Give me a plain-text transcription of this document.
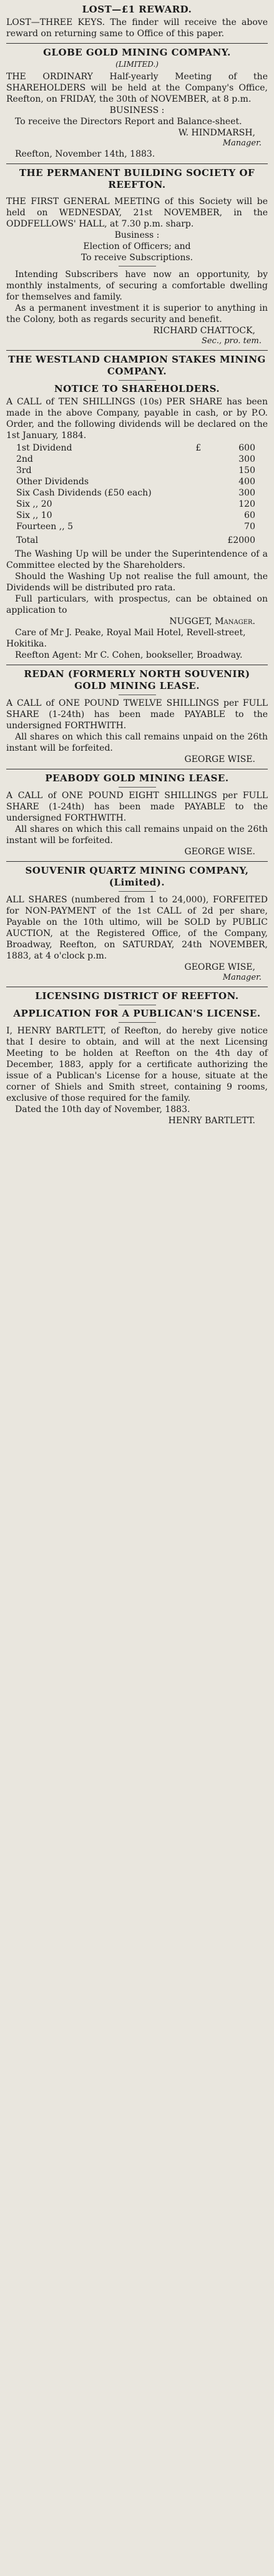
LOST—£1 REWARD.

LOST—THREE KEYS. The finder will receive the above reward on returning same to Office of this paper.

GLOBE GOLD MINING COMPANY.
(LIMITED.)

THE ORDINARY Half-yearly Meeting of the SHAREHOLDERS will be held at the Company's Office, Reefton, on FRIDAY, the 30th of NOVEMBER, at 8 p.m.

BUSINESS :

To receive the Directors Report and Balance-sheet.

W. HINDMARSH,
Manager.

Reefton, November 14th, 1883.

THE PERMANENT BUILDING SOCIETY OF REEFTON.

THE FIRST GENERAL MEETING of this Society will be held on WEDNESDAY, 21st NOVEMBER, in the ODDFELLOWS' HALL, at 7.30 p.m. sharp.

Business :
Election of Officers; and
To receive Subscriptions.

Intending Subscribers have now an opportunity, by monthly instalments, of securing a comfortable dwelling for themselves and family.

As a permanent investment it is superior to anything in the Colony, both as regards security and benefit.

RICHARD CHATTOCK,
Sec., pro. tem.
THE WESTLAND CHAMPION STAKES MINING COMPANY.
NOTICE TO SHAREHOLDERS.

A CALL of TEN SHILLINGS (10s) PER SHARE has been made in the above Company, payable in cash, or by P.O. Order, and the following dividends will be declared on the 1st January, 1884.

1st Dividend	£	600
2nd		300
3rd		150
Other Dividends		400
Six Cash Dividends (£50 each)		300
Six ,, 20		120
Six ,, 10		60
Fourteen ,, 5		70
Total		£2000

The Washing Up will be under the Superintendence of a Committee elected by the Shareholders.

Should the Washing Up not realise the full amount, the Dividends will be distributed pro rata.

Full particulars, with prospectus, can be obtained on application to

NUGGET, Manager.

Care of Mr J. Peake, Royal Mail Hotel, Revell-street, Hokitika.

Reefton Agent: Mr C. Cohen, bookseller, Broadway.

REDAN (FORMERLY NORTH SOUVENIR) GOLD MINING LEASE.

A CALL of ONE POUND TWELVE SHILLINGS per FULL SHARE (1-24th) has been made PAYABLE to the undersigned FORTHWITH.

All shares on which this call remains unpaid on the 26th instant will be forfeited.

GEORGE WISE.
PEABODY GOLD MINING LEASE.

A CALL of ONE POUND EIGHT SHILLINGS per FULL SHARE (1-24th) has been made PAYABLE to the undersigned FORTHWITH.

All shares on which this call remains unpaid on the 26th instant will be forfeited.

GEORGE WISE.
SOUVENIR QUARTZ MINING COMPANY, (Limited).

ALL SHARES (numbered from 1 to 24,000), FORFEITED for NON-PAYMENT of the 1st CALL of 2d per share, Payable on the 10th ultimo, will be SOLD by PUBLIC AUCTION, at the Registered Office, of the Company, Broadway, Reefton, on SATURDAY, 24th NOVEMBER, 1883, at 4 o'clock p.m.

GEORGE WISE,
Manager.
LICENSING DISTRICT OF REEFTON.
APPLICATION FOR A PUBLICAN'S LICENSE.

I, HENRY BARTLETT, of Reefton, do hereby give notice that I desire to obtain, and will at the next Licensing Meeting to be holden at Reefton on the 4th day of December, 1883, apply for a certificate authorizing the issue of a Publican's License for a house, situate at the corner of Shiels and Smith street, containing 9 rooms, exclusive of those required for the family.

Dated the 10th day of November, 1883.

HENRY BARTLETT.
